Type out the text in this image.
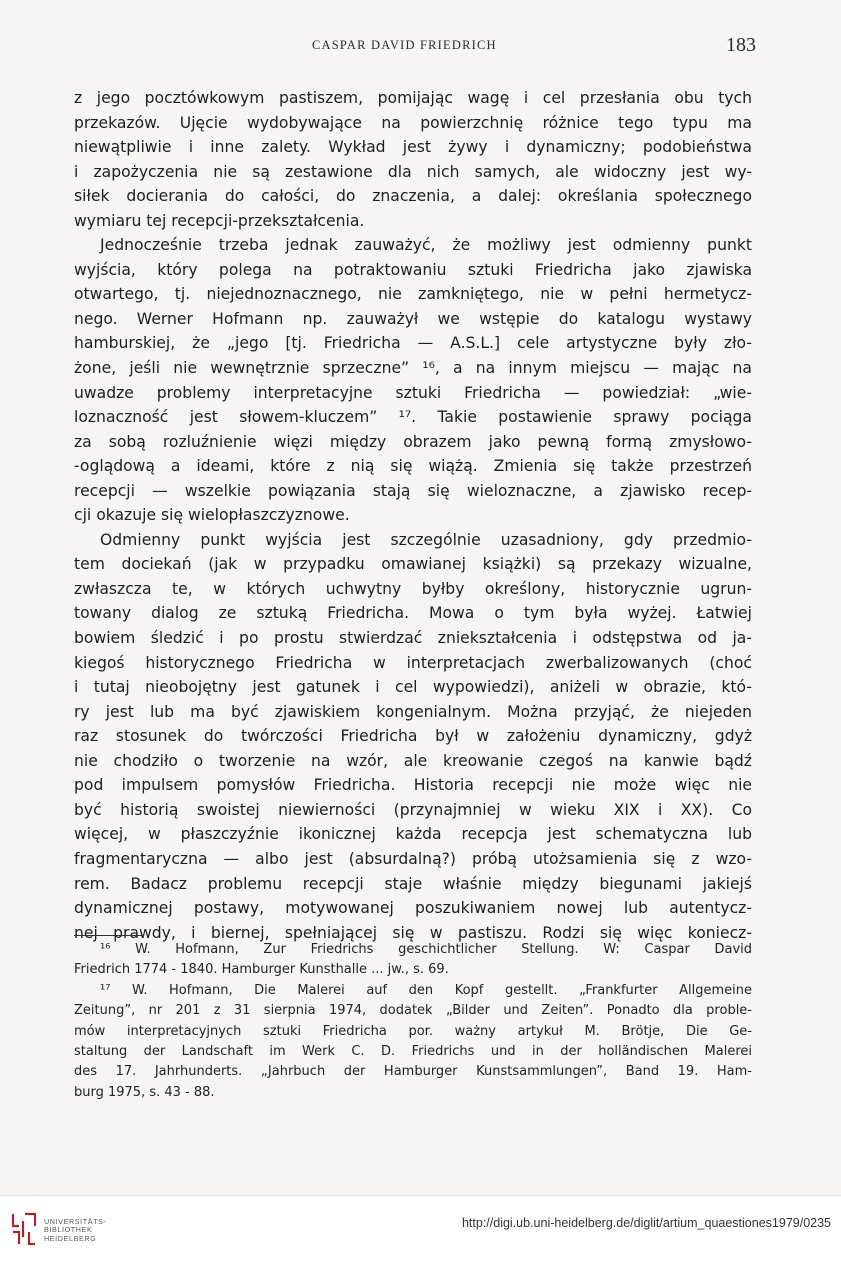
CASPAR DAVID FRIEDRICH	183
z jego pocztówkowym pastiszem, pomijając wagę i cel przesłania obu tych
przekazów. Ujęcie wydobywające na powierzchnię różnice tego typu ma
niewątpliwie i inne zalety. Wykład jest żywy i dynamiczny; podobieństwa
i zapożyczenia nie są zestawione dla nich samych, ale widoczny jest wy-
siłek docierania do całości, do znaczenia, a dalej: określania społecznego
wymiaru tej recepcji-przekształcenia.
Jednocześnie trzeba jednak zauważyć, że możliwy jest odmienny punkt
wyjścia, który polega na potraktowaniu sztuki Friedricha jako zjawiska
otwartego, tj. niejednoznacznego, nie zamkniętego, nie w pełni hermetycz-
nego. Werner Hofmann np. zauważył we wstępie do katalogu wystawy
hamburskiej, że „jego [tj. Friedricha — A.S.L.] cele artystyczne były zło-
żone, jeśli nie wewnętrznie sprzeczne” ¹⁶, a na innym miejscu — mając na
uwadze problemy interpretacyjne sztuki Friedricha — powiedział: „wie-
loznaczność jest słowem-kluczem” ¹⁷. Takie postawienie sprawy pociąga
za sobą rozluźnienie więzi między obrazem jako pewną formą zmysłowo-
-oglądową a ideami, które z nią się wiążą. Zmienia się także przestrzeń
recepcji — wszelkie powiązania stają się wieloznaczne, a zjawisko recep-
cji okazuje się wielopłaszczyznowe.
Odmienny punkt wyjścia jest szczególnie uzasadniony, gdy przedmio-
tem dociekań (jak w przypadku omawianej książki) są przekazy wizualne,
zwłaszcza te, w których uchwytny byłby określony, historycznie ugrun-
towany dialog ze sztuką Friedricha. Mowa o tym była wyżej. Łatwiej
bowiem śledzić i po prostu stwierdzać zniekształcenia i odstępstwa od ja-
kiegoś historycznego Friedricha w interpretacjach zwerbalizowanych (choć
i tutaj nieobojętny jest gatunek i cel wypowiedzi), aniżeli w obrazie, któ-
ry jest lub ma być zjawiskiem kongenialnym. Można przyjąć, że niejeden
raz stosunek do twórczości Friedricha był w założeniu dynamiczny, gdyż
nie chodziło o tworzenie na wzór, ale kreowanie czegoś na kanwie bądź
pod impulsem pomysłów Friedricha. Historia recepcji nie może więc nie
być historią swoistej niewierności (przynajmniej w wieku XIX i XX). Co
więcej, w płaszczyźnie ikonicznej każda recepcja jest schematyczna lub
fragmentaryczna — albo jest (absurdalną?) próbą utożsamienia się z wzo-
rem. Badacz problemu recepcji staje właśnie między biegunami jakiejś
dynamicznej postawy, motywowanej poszukiwaniem nowej lub autentycz-
nej prawdy, i biernej, spełniającej się w pastiszu. Rodzi się więc koniecz-
¹⁶ W. Hofmann, Zur Friedrichs geschichtlicher Stellung. W: Caspar David
Friedrich 1774 - 1840. Hamburger Kunsthalle ... jw., s. 69.
¹⁷ W. Hofmann, Die Malerei auf den Kopf gestellt. „Frankfurter Allgemeine
Zeitung”, nr 201 z 31 sierpnia 1974, dodatek „Bilder und Zeiten”. Ponadto dla proble-
mów interpretacyjnych sztuki Friedricha por. ważny artykuł M. Brötje, Die Ge-
staltung der Landschaft im Werk C. D. Friedrichs und in der holländischen Malerei
des 17. Jahrhunderts. „Jahrbuch der Hamburger Kunstsammlungen”, Band 19. Ham-
burg 1975, s. 43 - 88.
UNIVERSITÄTS-
BIBLIOTHEK
HEIDELBERG
http://digi.ub.uni-heidelberg.de/diglit/artium_quaestiones1979/0235
